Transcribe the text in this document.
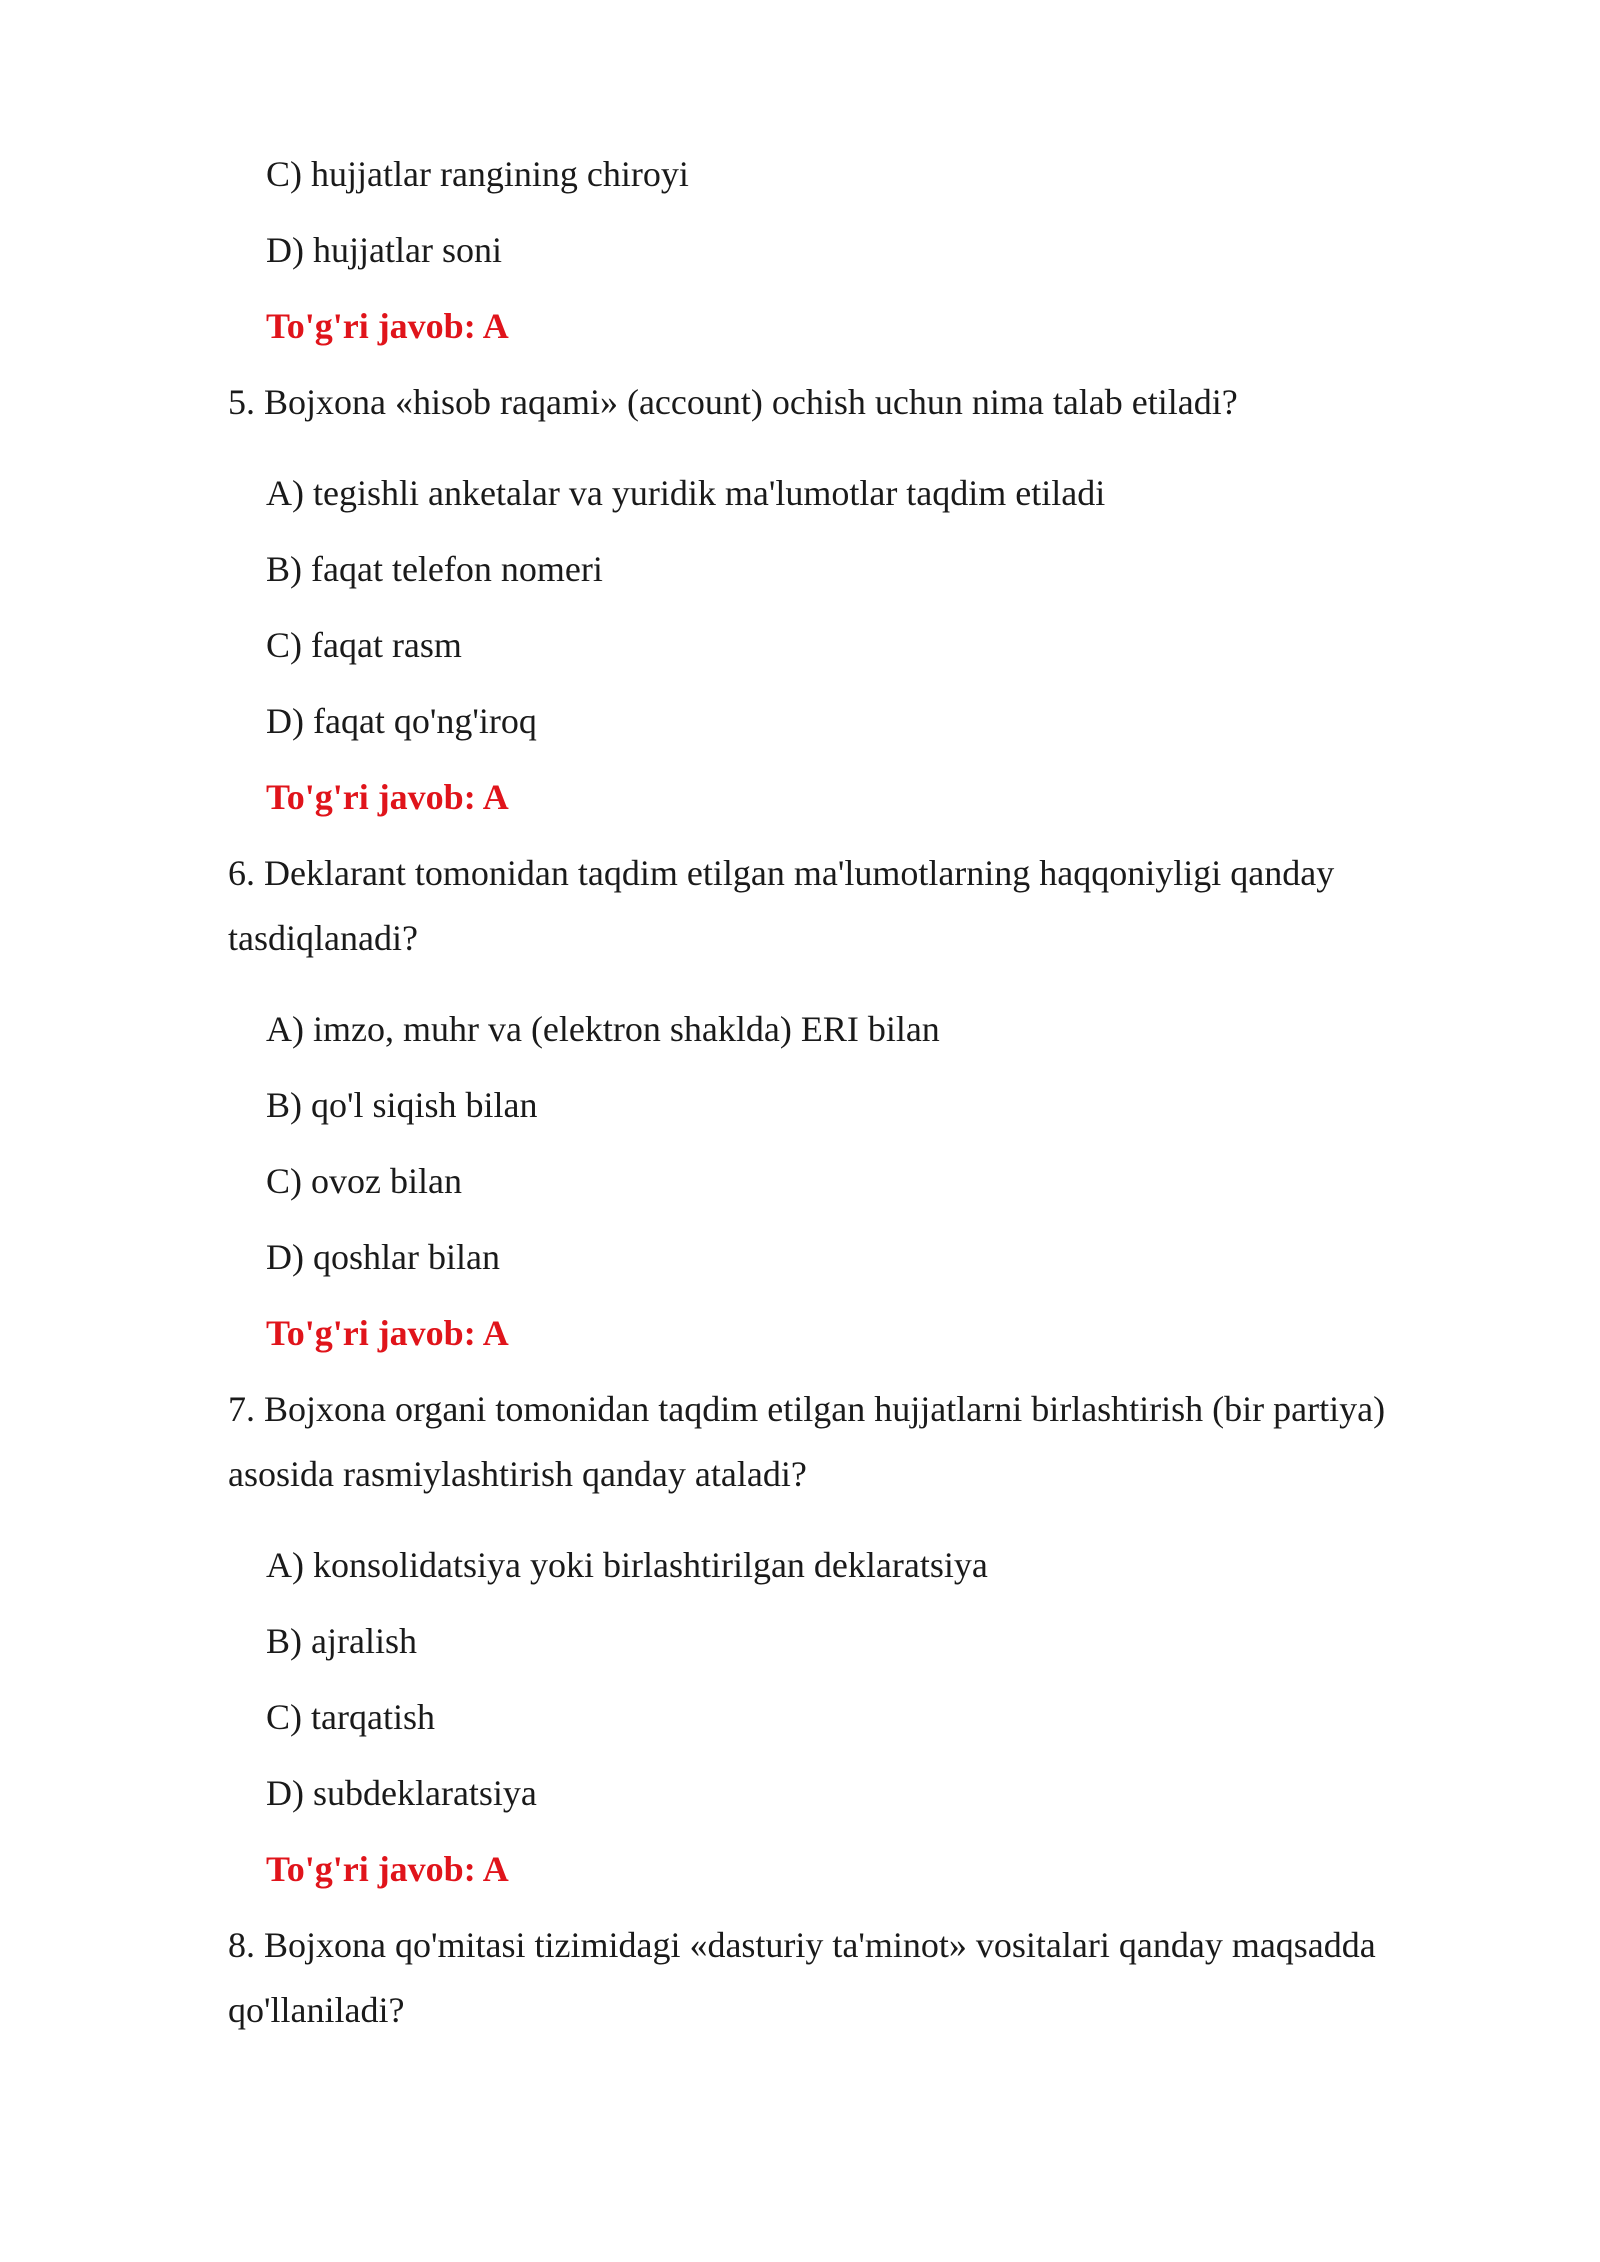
C) hujjatlar rangining chiroyi
D) hujjatlar soni
To'g'ri javob: A
5. Bojxona «hisob raqami» (account) ochish uchun nima talab etiladi?
A) tegishli anketalar va yuridik ma'lumotlar taqdim etiladi
B) faqat telefon nomeri
C) faqat rasm
D) faqat qo'ng'iroq
To'g'ri javob: A
6. Deklarant tomonidan taqdim etilgan ma'lumotlarning haqqoniyligi qanday
tasdiqlanadi?
A) imzo, muhr va (elektron shaklda) ERI bilan
B) qo'l siqish bilan
C) ovoz bilan
D) qoshlar bilan
To'g'ri javob: A
7. Bojxona organi tomonidan taqdim etilgan hujjatlarni birlashtirish (bir partiya)
asosida rasmiylashtirish qanday ataladi?
A) konsolidatsiya yoki birlashtirilgan deklaratsiya
B) ajralish
C) tarqatish
D) subdeklaratsiya
To'g'ri javob: A
8. Bojxona qo'mitasi tizimidagi «dasturiy ta'minot» vositalari qanday maqsadda
qo'llaniladi?
